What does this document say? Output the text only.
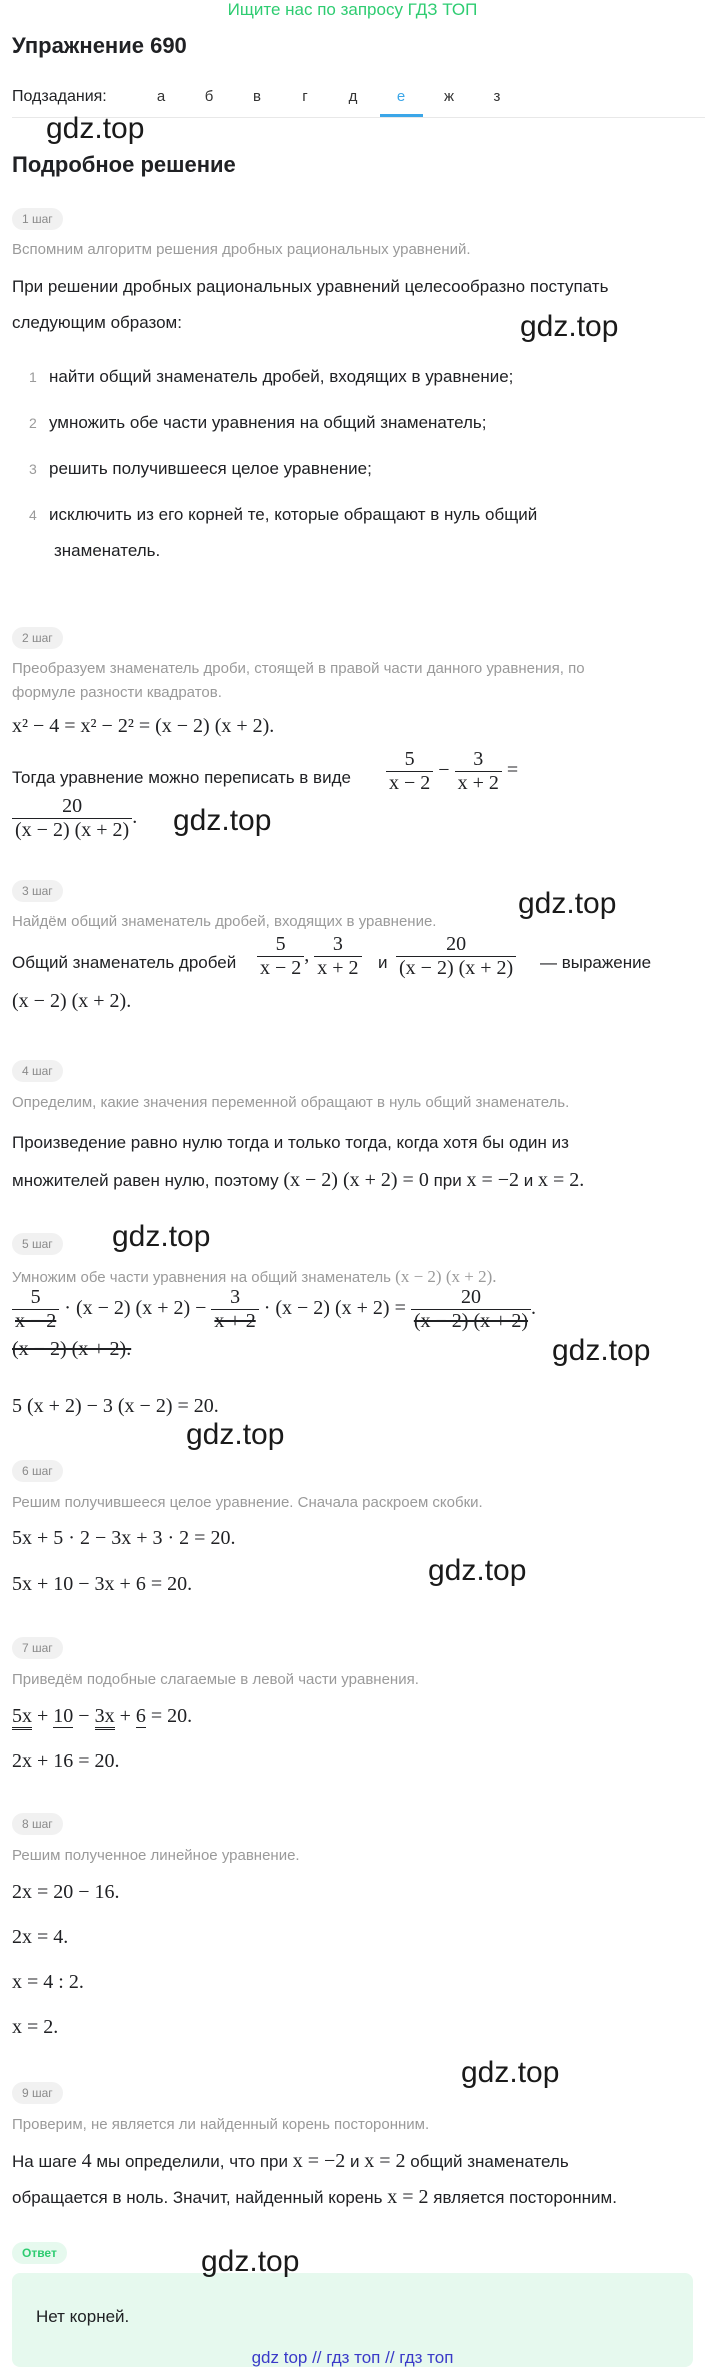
Ищите нас по запросу ГДЗ ТОП
Упражнение 690
Подзадания:	а	б	в	г	д	е	ж	з
gdz.top
Подробное решение
1 шаг
Вспомним алгоритм решения дробных рациональных уравнений.
При решении дробных рациональных уравнений целесообразно поступать
следующим образом:	gdz.top
1 найти общий знаменатель дробей, входящих в уравнение;
2 умножить обе части уравнения на общий знаменатель;
3 решить получившееся целое уравнение;
4 исключить из его корней те, которые обращают в нуль общий
знаменатель.
2 шаг
Преобразуем знаменатель дроби, стоящей в правой части данного уравнения, по
формуле разности квадратов.
x² − 4 = x² − 2² = (x − 2) (x + 2).
Тогда уравнение можно переписать в виде $\frac{5}{x - 2} - \frac{3}{x + 2}$ =
$\frac{20}{(x - 2) (x + 2)}$ . gdz.top
3 шаг	gdz.top
Найдём общий знаменатель дробей, входящих в уравнение.
Общий знаменатель дробей $\frac{5}{x - 2}$ , $\frac{3}{x + 2}$ и $\frac{20}{(x - 2) (x + 2)}$ — выражение
(x − 2) (x + 2).
4 шаг
Определим, какие значения переменной обращают в нуль общий знаменатель.
Произведение равно нулю тогда и только тогда, когда хотя бы один из
множителей равен нулю, поэтому (x − 2) (x + 2) = 0 при x = −2 и x = 2.
gdz.top
5 шаг
Умножим обе части уравнения на общий знаменатель (x − 2) (x + 2).
$\frac{5}{x - 2} \cdot (x - 2) (x + 2) - \frac{3}{x + 2} \cdot (x - 2) (x + 2) = \frac{20}{(x - 2) (x + 2)}$ .
(x − 2) (x + 2).	gdz.top
5 (x + 2) − 3 (x − 2) = 20.
gdz.top
6 шаг
Решим получившееся целое уравнение. Сначала раскроем скобки.
5x + 5 · 2 − 3x + 3 · 2 = 20.
gdz.top
5x + 10 − 3x + 6 = 20.
7 шаг
Приведём подобные слагаемые в левой части уравнения.
5x + 10 − 3x + 6 = 20.
2x + 16 = 20.
8 шаг
Решим полученное линейное уравнение.
2x = 20 − 16.
2x = 4.
x = 4 : 2.
x = 2.
gdz.top
9 шаг
Проверим, не является ли найденный корень посторонним.
На шаге 4 мы определили, что при x = −2 и x = 2 общий знаменатель
обращается в ноль. Значит, найденный корень x = 2 является посторонним.
Ответ	gdz.top
Нет корней.
gdz top // гдз топ // гдз топ
